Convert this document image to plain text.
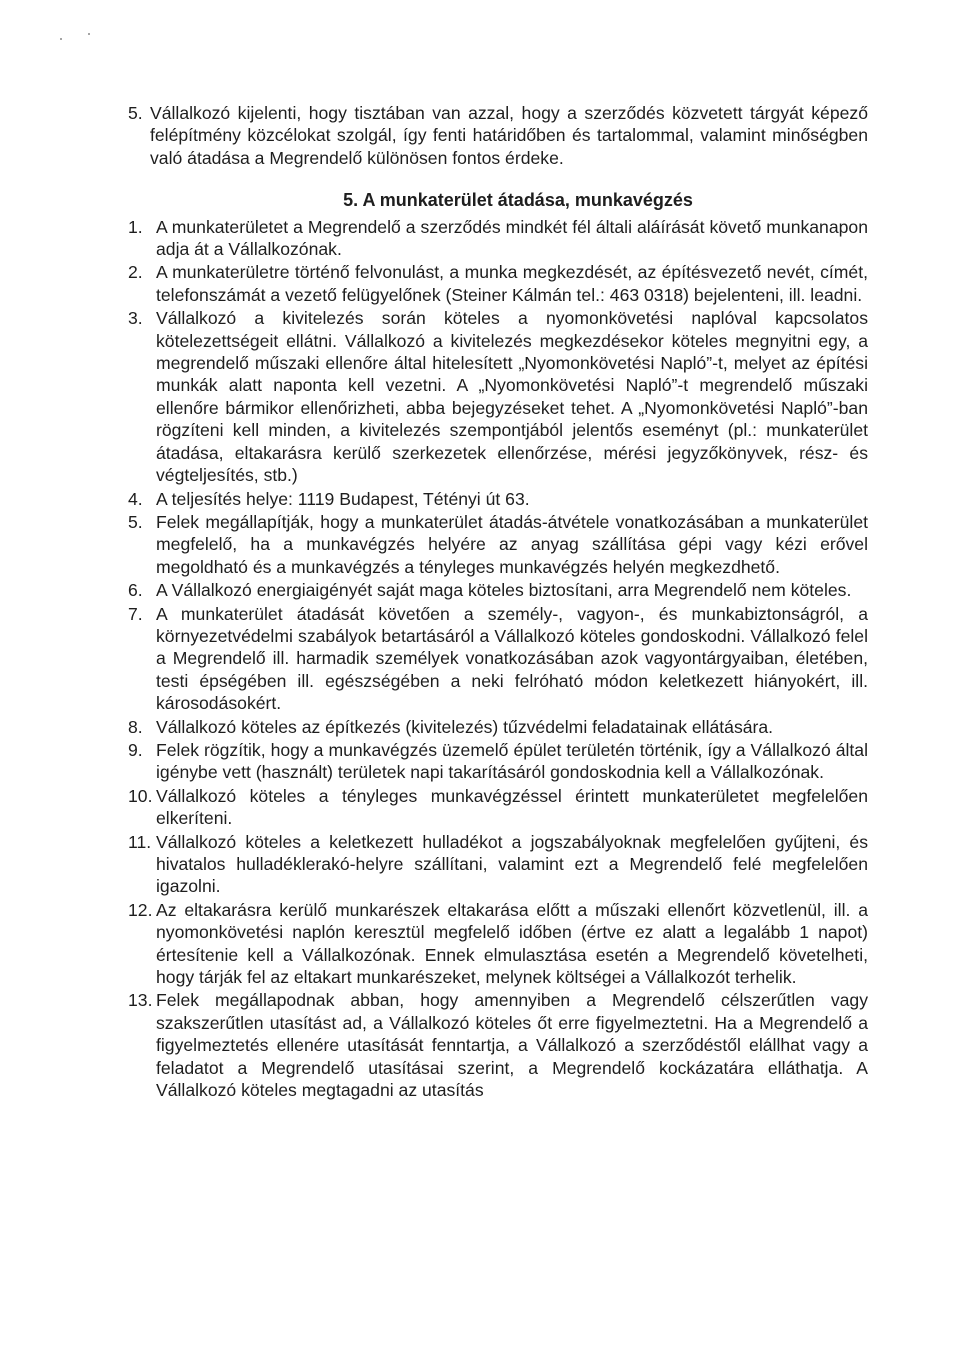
5. Vállalkozó kijelenti, hogy tisztában van azzal, hogy a szerződés közvetett tárgyát képező felépítmény közcélokat szolgál, így fenti határidőben és tartalommal, valamint minőségben való átadása a Megrendelő különösen fontos érdeke.
5. A munkaterület átadása, munkavégzés
1. A munkaterületet a Megrendelő a szerződés mindkét fél általi aláírását követő munkanapon adja át a Vállalkozónak.
2. A munkaterületre történő felvonulást, a munka megkezdését, az építésvezető nevét, címét, telefonszámát a vezető felügyelőnek (Steiner Kálmán tel.: 463 0318) bejelenteni, ill. leadni.
3. Vállalkozó a kivitelezés során köteles a nyomonkövetési naplóval kapcsolatos kötelezettségeit ellátni. Vállalkozó a kivitelezés megkezdésekor köteles megnyitni egy, a megrendelő műszaki ellenőre által hitelesített „Nyomonkövetési Napló”-t, melyet az építési munkák alatt naponta kell vezetni. A „Nyomonkövetési Napló”-t megrendelő műszaki ellenőre bármikor ellenőrizheti, abba bejegyzéseket tehet. A „Nyomonkövetési Napló”-ban rögzíteni kell minden, a kivitelezés szempontjából jelentős eseményt (pl.: munkaterület átadása, eltakarásra kerülő szerkezetek ellenőrzése, mérési jegyzőkönyvek, rész- és végteljesítés, stb.)
4. A teljesítés helye: 1119 Budapest, Tétényi út 63.
5. Felek megállapítják, hogy a munkaterület átadás-átvétele vonatkozásában a munkaterület megfelelő, ha a munkavégzés helyére az anyag szállítása gépi vagy kézi erővel megoldható és a munkavégzés a tényleges munkavégzés helyén megkezdhető.
6. A Vállalkozó energiaigényét saját maga köteles biztosítani, arra Megrendelő nem köteles.
7. A munkaterület átadását követően a személy-, vagyon-, és munkabiztonságról, a környezetvédelmi szabályok betartásáról a Vállalkozó köteles gondoskodni. Vállalkozó felel a Megrendelő ill. harmadik személyek vonatkozásában azok vagyontárgyaiban, életében, testi épségében ill. egészségében a neki felróható módon keletkezett hiányokért, ill. károsodásokért.
8. Vállalkozó köteles az építkezés (kivitelezés) tűzvédelmi feladatainak ellátására.
9. Felek rögzítik, hogy a munkavégzés üzemelő épület területén történik, így a Vállalkozó által igénybe vett (használt) területek napi takarításáról gondoskodnia kell a Vállalkozónak.
10. Vállalkozó köteles a tényleges munkavégzéssel érintett munkaterületet megfelelően elkeríteni.
11. Vállalkozó köteles a keletkezett hulladékot a jogszabályoknak megfelelően gyűjteni, és hivatalos hulladéklerakó-helyre szállítani, valamint ezt a Megrendelő felé megfelelően igazolni.
12. Az eltakarásra kerülő munkarészek eltakarása előtt a műszaki ellenőrt közvetlenül, ill. a nyomonkövetési naplón keresztül megfelelő időben (értve ez alatt a legalább 1 napot) értesítenie kell a Vállalkozónak. Ennek elmulasztása esetén a Megrendelő követelheti, hogy tárják fel az eltakart munkarészeket, melynek költségei a Vállalkozót terhelik.
13. Felek megállapodnak abban, hogy amennyiben a Megrendelő célszerűtlen vagy szakszerűtlen utasítást ad, a Vállalkozó köteles őt erre figyelmeztetni. Ha a Megrendelő a figyelmeztetés ellenére utasítását fenntartja, a Vállalkozó a szerződéstől elállhat vagy a feladatot a Megrendelő utasításai szerint, a Megrendelő kockázatára elláthatja. A Vállalkozó köteles megtagadni az utasítás
